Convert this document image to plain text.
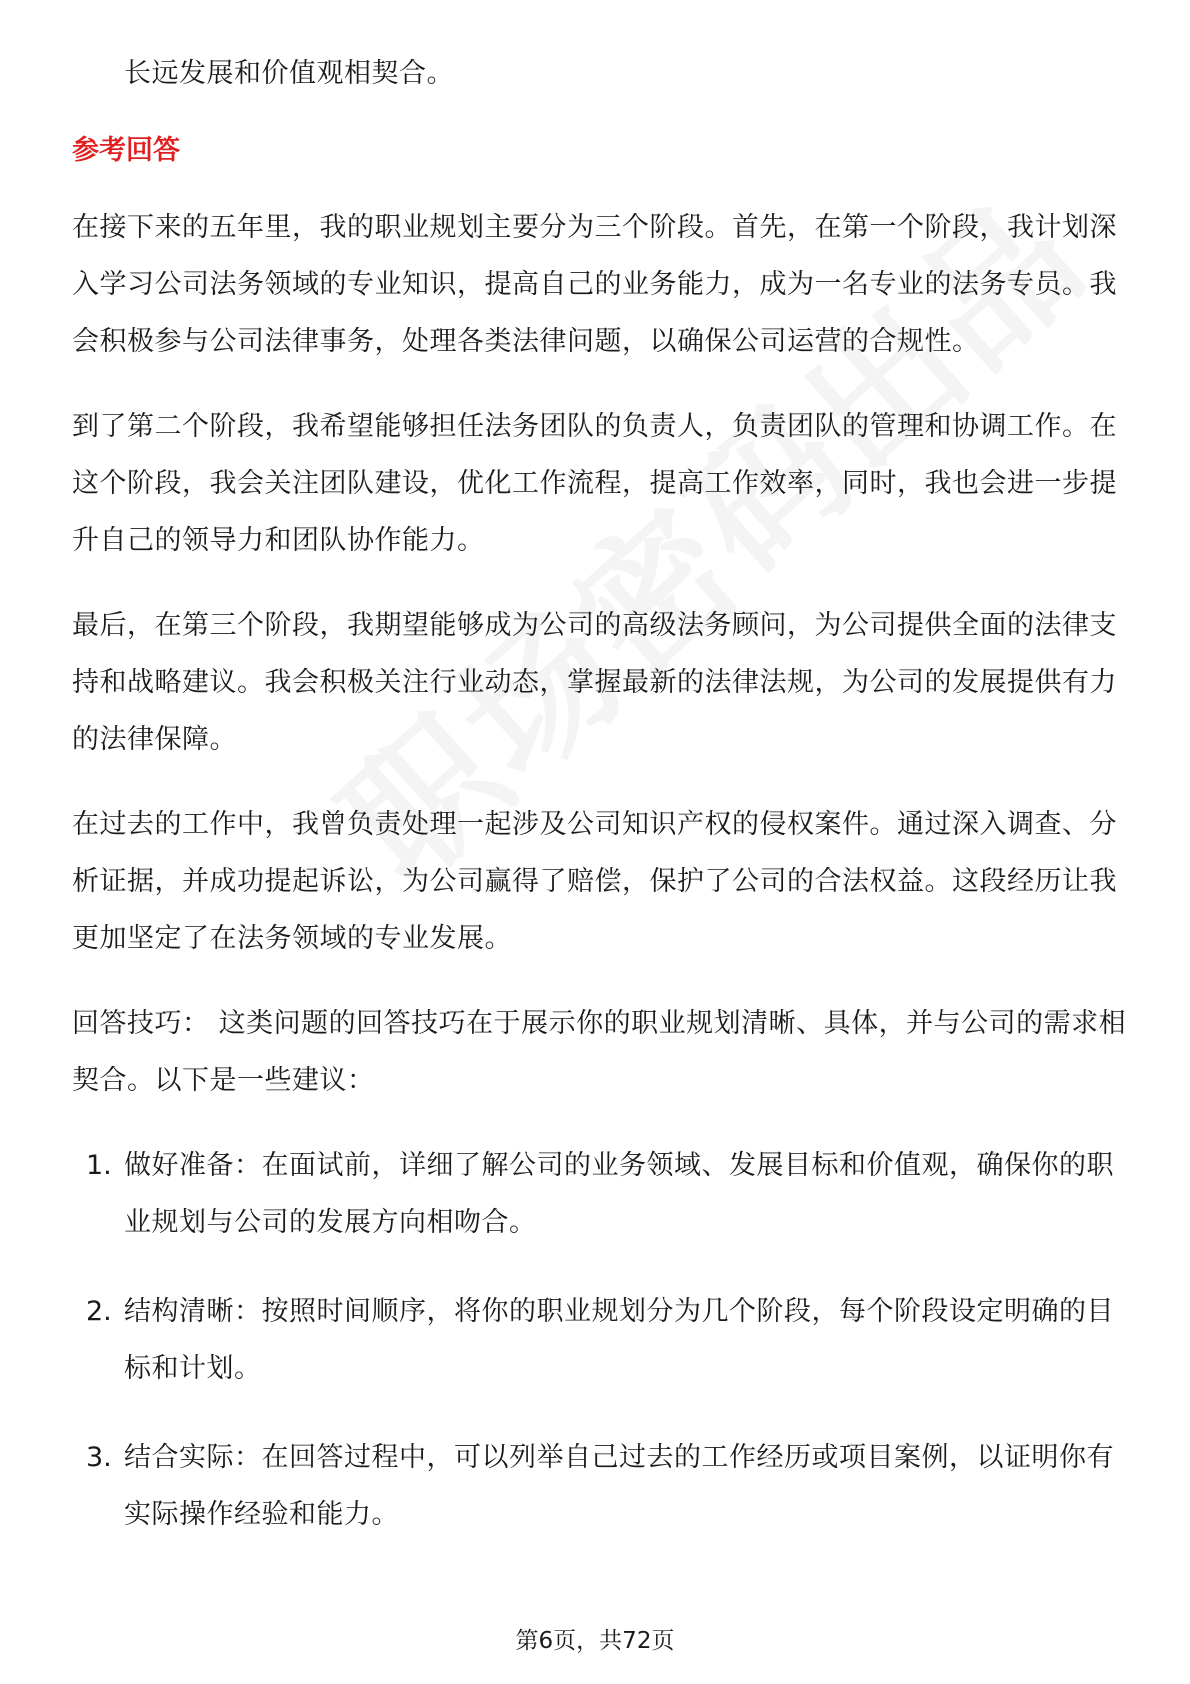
长远发展和价值观相契合。

参考回答

在接下来的五年里，我的职业规划主要分为三个阶段。首先，在第一个阶段，我计划深入学习公司法务领域的专业知识，提高自己的业务能力，成为一名专业的法务专员。我会积极参与公司法律事务，处理各类法律问题，以确保公司运营的合规性。

到了第二个阶段，我希望能够担任法务团队的负责人，负责团队的管理和协调工作。在这个阶段，我会关注团队建设，优化工作流程，提高工作效率，同时，我也会进一步提升自己的领导力和团队协作能力。

最后，在第三个阶段，我期望能够成为公司的高级法务顾问，为公司提供全面的法律支持和战略建议。我会积极关注行业动态，掌握最新的法律法规，为公司的发展提供有力的法律保障。

在过去的工作中，我曾负责处理一起涉及公司知识产权的侵权案件。通过深入调查、分析证据，并成功提起诉讼，为公司赢得了赔偿，保护了公司的合法权益。这段经历让我更加坚定了在法务领域的专业发展。

回答技巧： 这类问题的回答技巧在于展示你的职业规划清晰、具体，并与公司的需求相契合。以下是一些建议：

1. 做好准备：在面试前，详细了解公司的业务领域、发展目标和价值观，确保你的职业规划与公司的发展方向相吻合。

2. 结构清晰：按照时间顺序，将你的职业规划分为几个阶段，每个阶段设定明确的目标和计划。

3. 结合实际：在回答过程中，可以列举自己过去的工作经历或项目案例，以证明你有实际操作经验和能力。

第6页，共72页
